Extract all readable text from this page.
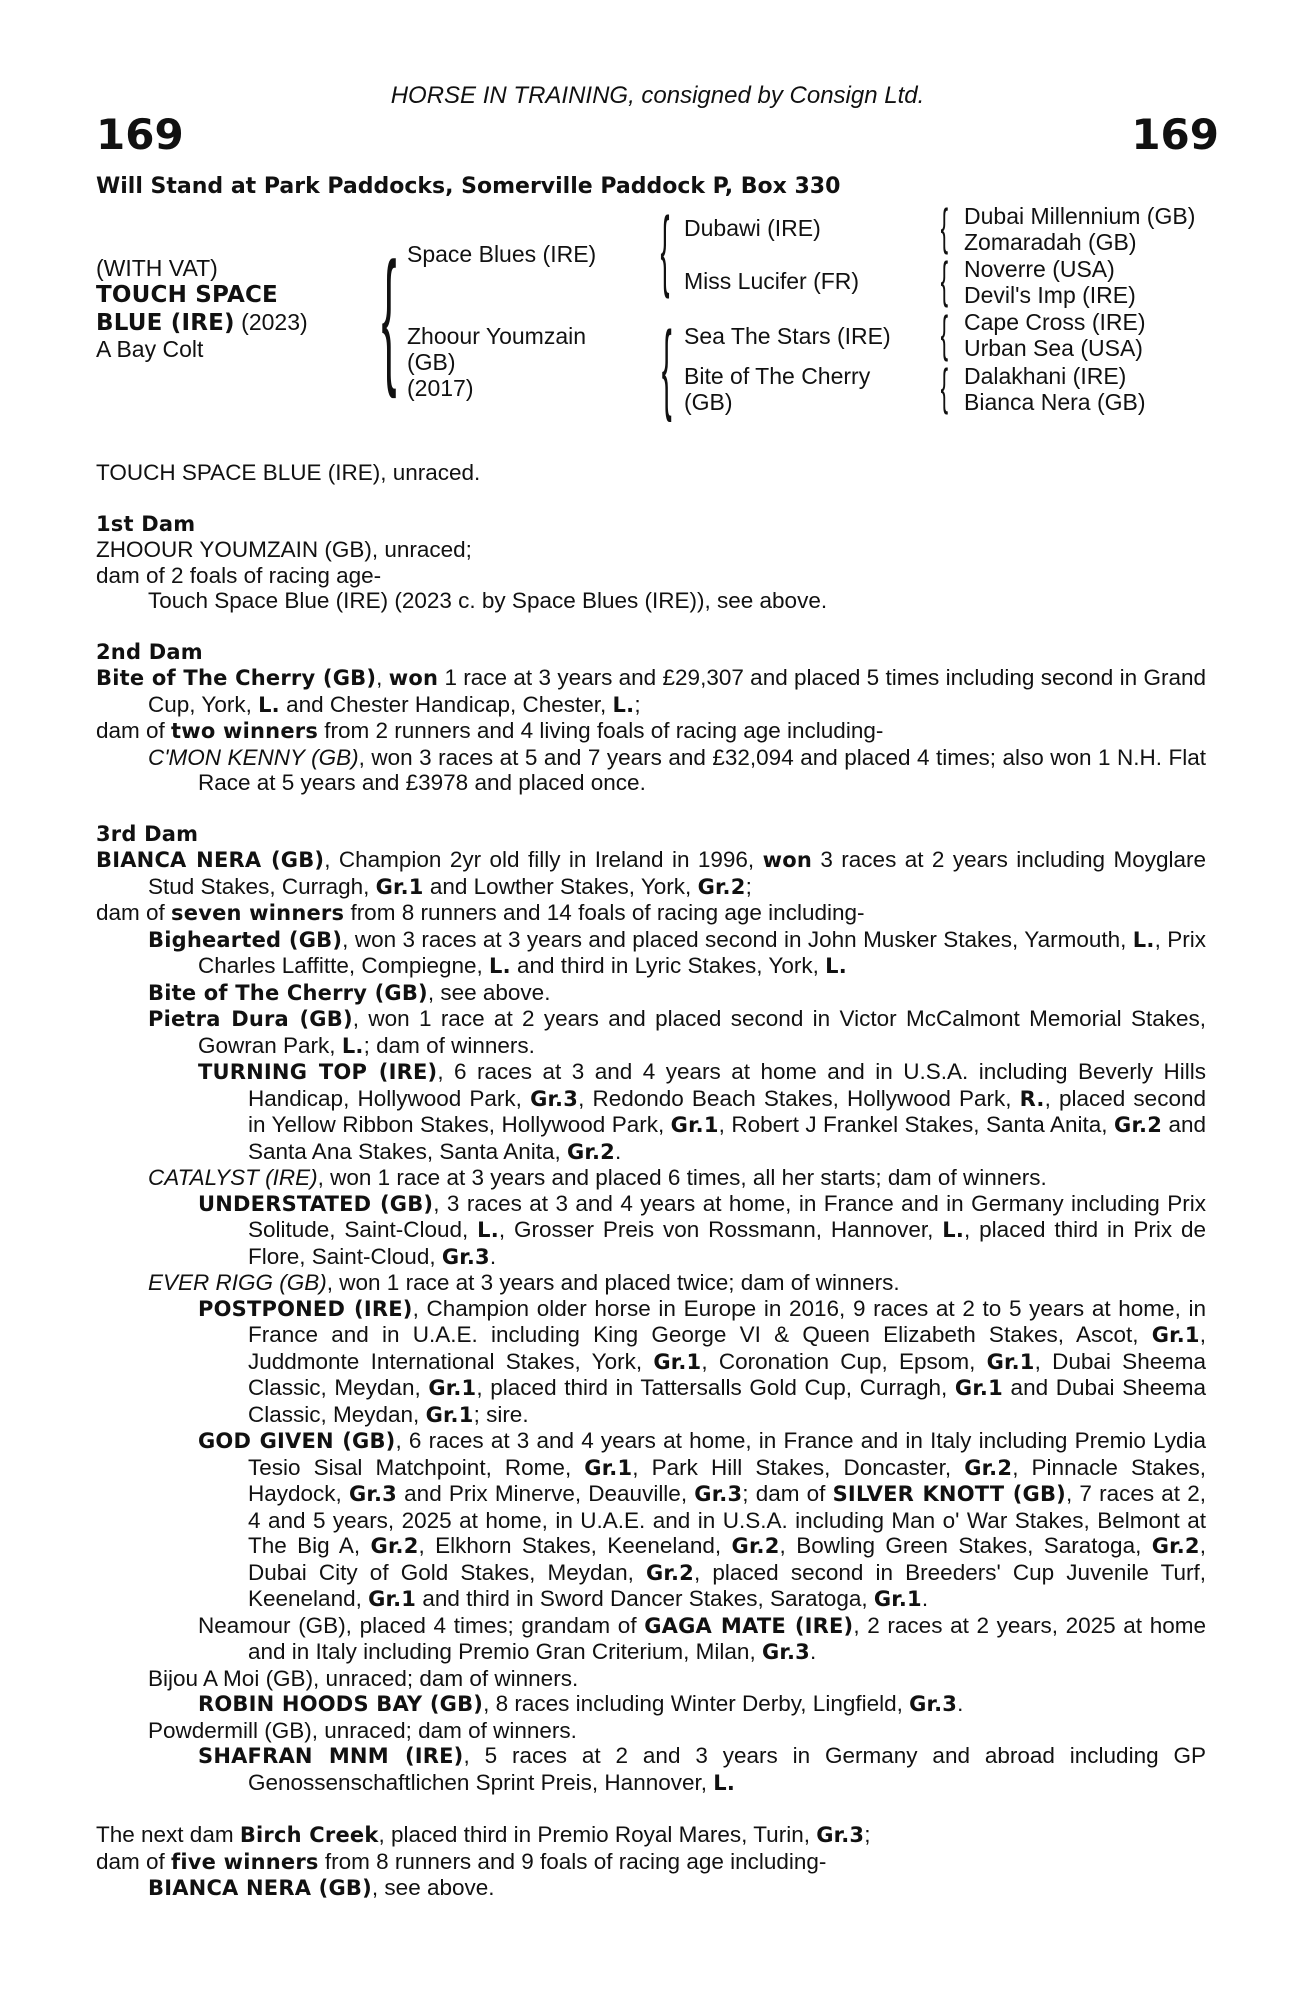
HORSE IN TRAINING, consigned by Consign Ltd.
169	169
Will Stand at Park Paddocks, Somerville Paddock P, Box 330
(WITH VAT)
TOUCH SPACE
BLUE (IRE) (2023)
A Bay Colt { Space Blues (IRE)
Zhoour Youmzain
(GB)
(2017)
{ Dubawi (IRE)
Miss Lucifer (FR)
{ Sea The Stars (IRE)
Bite of The Cherry
(GB)
{ Dubai Millennium (GB)
Zomaradah (GB)
{ Noverre (USA)
Devil's Imp (IRE)
{ Cape Cross (IRE)
Urban Sea (USA)
{ Dalakhani (IRE)
Bianca Nera (GB)

TOUCH SPACE BLUE (IRE), unraced.

1st Dam

ZHOOUR YOUMZAIN (GB), unraced;

dam of 2 foals of racing age-

Touch Space Blue (IRE) (2023 c. by Space Blues (IRE)), see above.

2nd Dam

Bite of The Cherry (GB), won 1 race at 3 years and £29,307 and placed 5 times including second in Grand Cup, York, L. and Chester Handicap, Chester, L.;

dam of two winners from 2 runners and 4 living foals of racing age including-

C'MON KENNY (GB), won 3 races at 5 and 7 years and £32,094 and placed 4 times; also won 1 N.H. Flat Race at 5 years and £3978 and placed once.

3rd Dam

BIANCA NERA (GB), Champion 2yr old filly in Ireland in 1996, won 3 races at 2 years including Moyglare Stud Stakes, Curragh, Gr.1 and Lowther Stakes, York, Gr.2;

dam of seven winners from 8 runners and 14 foals of racing age including-

Bighearted (GB), won 3 races at 3 years and placed second in John Musker Stakes, Yarmouth, L., Prix Charles Laffitte, Compiegne, L. and third in Lyric Stakes, York, L.

Bite of The Cherry (GB), see above.

Pietra Dura (GB), won 1 race at 2 years and placed second in Victor McCalmont Memorial Stakes, Gowran Park, L.; dam of winners.

TURNING TOP (IRE), 6 races at 3 and 4 years at home and in U.S.A. including Beverly Hills Handicap, Hollywood Park, Gr.3, Redondo Beach Stakes, Hollywood Park, R., placed second in Yellow Ribbon Stakes, Hollywood Park, Gr.1, Robert J Frankel Stakes, Santa Anita, Gr.2 and Santa Ana Stakes, Santa Anita, Gr.2.

CATALYST (IRE), won 1 race at 3 years and placed 6 times, all her starts; dam of winners.

UNDERSTATED (GB), 3 races at 3 and 4 years at home, in France and in Germany including Prix Solitude, Saint-Cloud, L., Grosser Preis von Rossmann, Hannover, L., placed third in Prix de Flore, Saint-Cloud, Gr.3.

EVER RIGG (GB), won 1 race at 3 years and placed twice; dam of winners.

POSTPONED (IRE), Champion older horse in Europe in 2016, 9 races at 2 to 5 years at home, in France and in U.A.E. including King George VI & Queen Elizabeth Stakes, Ascot, Gr.1, Juddmonte International Stakes, York, Gr.1, Coronation Cup, Epsom, Gr.1, Dubai Sheema Classic, Meydan, Gr.1, placed third in Tattersalls Gold Cup, Curragh, Gr.1 and Dubai Sheema Classic, Meydan, Gr.1; sire.

GOD GIVEN (GB), 6 races at 3 and 4 years at home, in France and in Italy including Premio Lydia Tesio Sisal Matchpoint, Rome, Gr.1, Park Hill Stakes, Doncaster, Gr.2, Pinnacle Stakes, Haydock, Gr.3 and Prix Minerve, Deauville, Gr.3; dam of SILVER KNOTT (GB), 7 races at 2, 4 and 5 years, 2025 at home, in U.A.E. and in U.S.A. including Man o' War Stakes, Belmont at The Big A, Gr.2, Elkhorn Stakes, Keeneland, Gr.2, Bowling Green Stakes, Saratoga, Gr.2, Dubai City of Gold Stakes, Meydan, Gr.2, placed second in Breeders' Cup Juvenile Turf, Keeneland, Gr.1 and third in Sword Dancer Stakes, Saratoga, Gr.1.

Neamour (GB), placed 4 times; grandam of GAGA MATE (IRE), 2 races at 2 years, 2025 at home and in Italy including Premio Gran Criterium, Milan, Gr.3.

Bijou A Moi (GB), unraced; dam of winners.

ROBIN HOODS BAY (GB), 8 races including Winter Derby, Lingfield, Gr.3.

Powdermill (GB), unraced; dam of winners.

SHAFRAN MNM (IRE), 5 races at 2 and 3 years in Germany and abroad including GP Genossenschaftlichen Sprint Preis, Hannover, L.

The next dam Birch Creek, placed third in Premio Royal Mares, Turin, Gr.3;

dam of five winners from 8 runners and 9 foals of racing age including-

BIANCA NERA (GB), see above.
